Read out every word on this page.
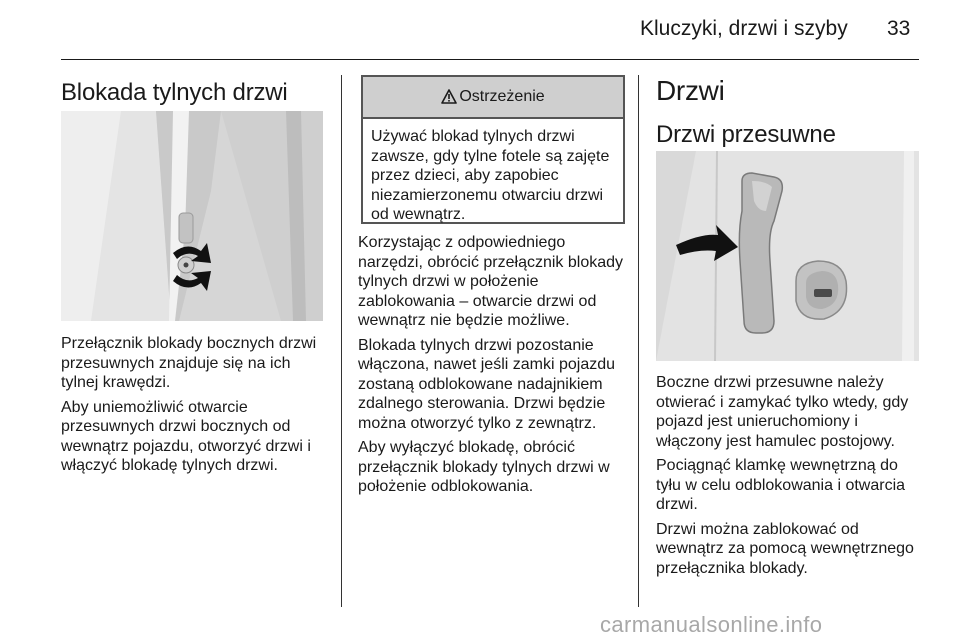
Kluczyki, drzwi i szyby 33
Blokada tylnych drzwi

Przełącznik blokady bocznych drzwi przesuwnych znajduje się na ich tylnej krawędzi.

Aby uniemożliwić otwarcie przesuwnych drzwi bocznych od wewnątrz pojazdu, otworzyć drzwi i włączyć blokadę tylnych drzwi.

Ostrzeżenie
Używać blokad tylnych drzwi zawsze, gdy tylne fotele są zajęte przez dzieci, aby zapobiec niezamierzonemu otwarciu drzwi od wewnątrz.

Korzystając z odpowiedniego narzędzi, obrócić przełącznik blokady tylnych drzwi w położenie zablokowania – otwarcie drzwi od wewnątrz nie będzie możliwe.

Blokada tylnych drzwi pozostanie włączona, nawet jeśli zamki pojazdu zostaną odblokowane nadajnikiem zdalnego sterowania. Drzwi będzie można otworzyć tylko z zewnątrz.

Aby wyłączyć blokadę, obrócić przełącznik blokady tylnych drzwi w położenie odblokowania.

Drzwi
Drzwi przesuwne

Boczne drzwi przesuwne należy otwierać i zamykać tylko wtedy, gdy pojazd jest unieruchomiony i włączony jest hamulec postojowy.

Pociągnąć klamkę wewnętrzną do tyłu w celu odblokowania i otwarcia drzwi.

Drzwi można zablokować od wewnątrz za pomocą wewnętrznego przełącznika blokady.

carmanualsonline.info
